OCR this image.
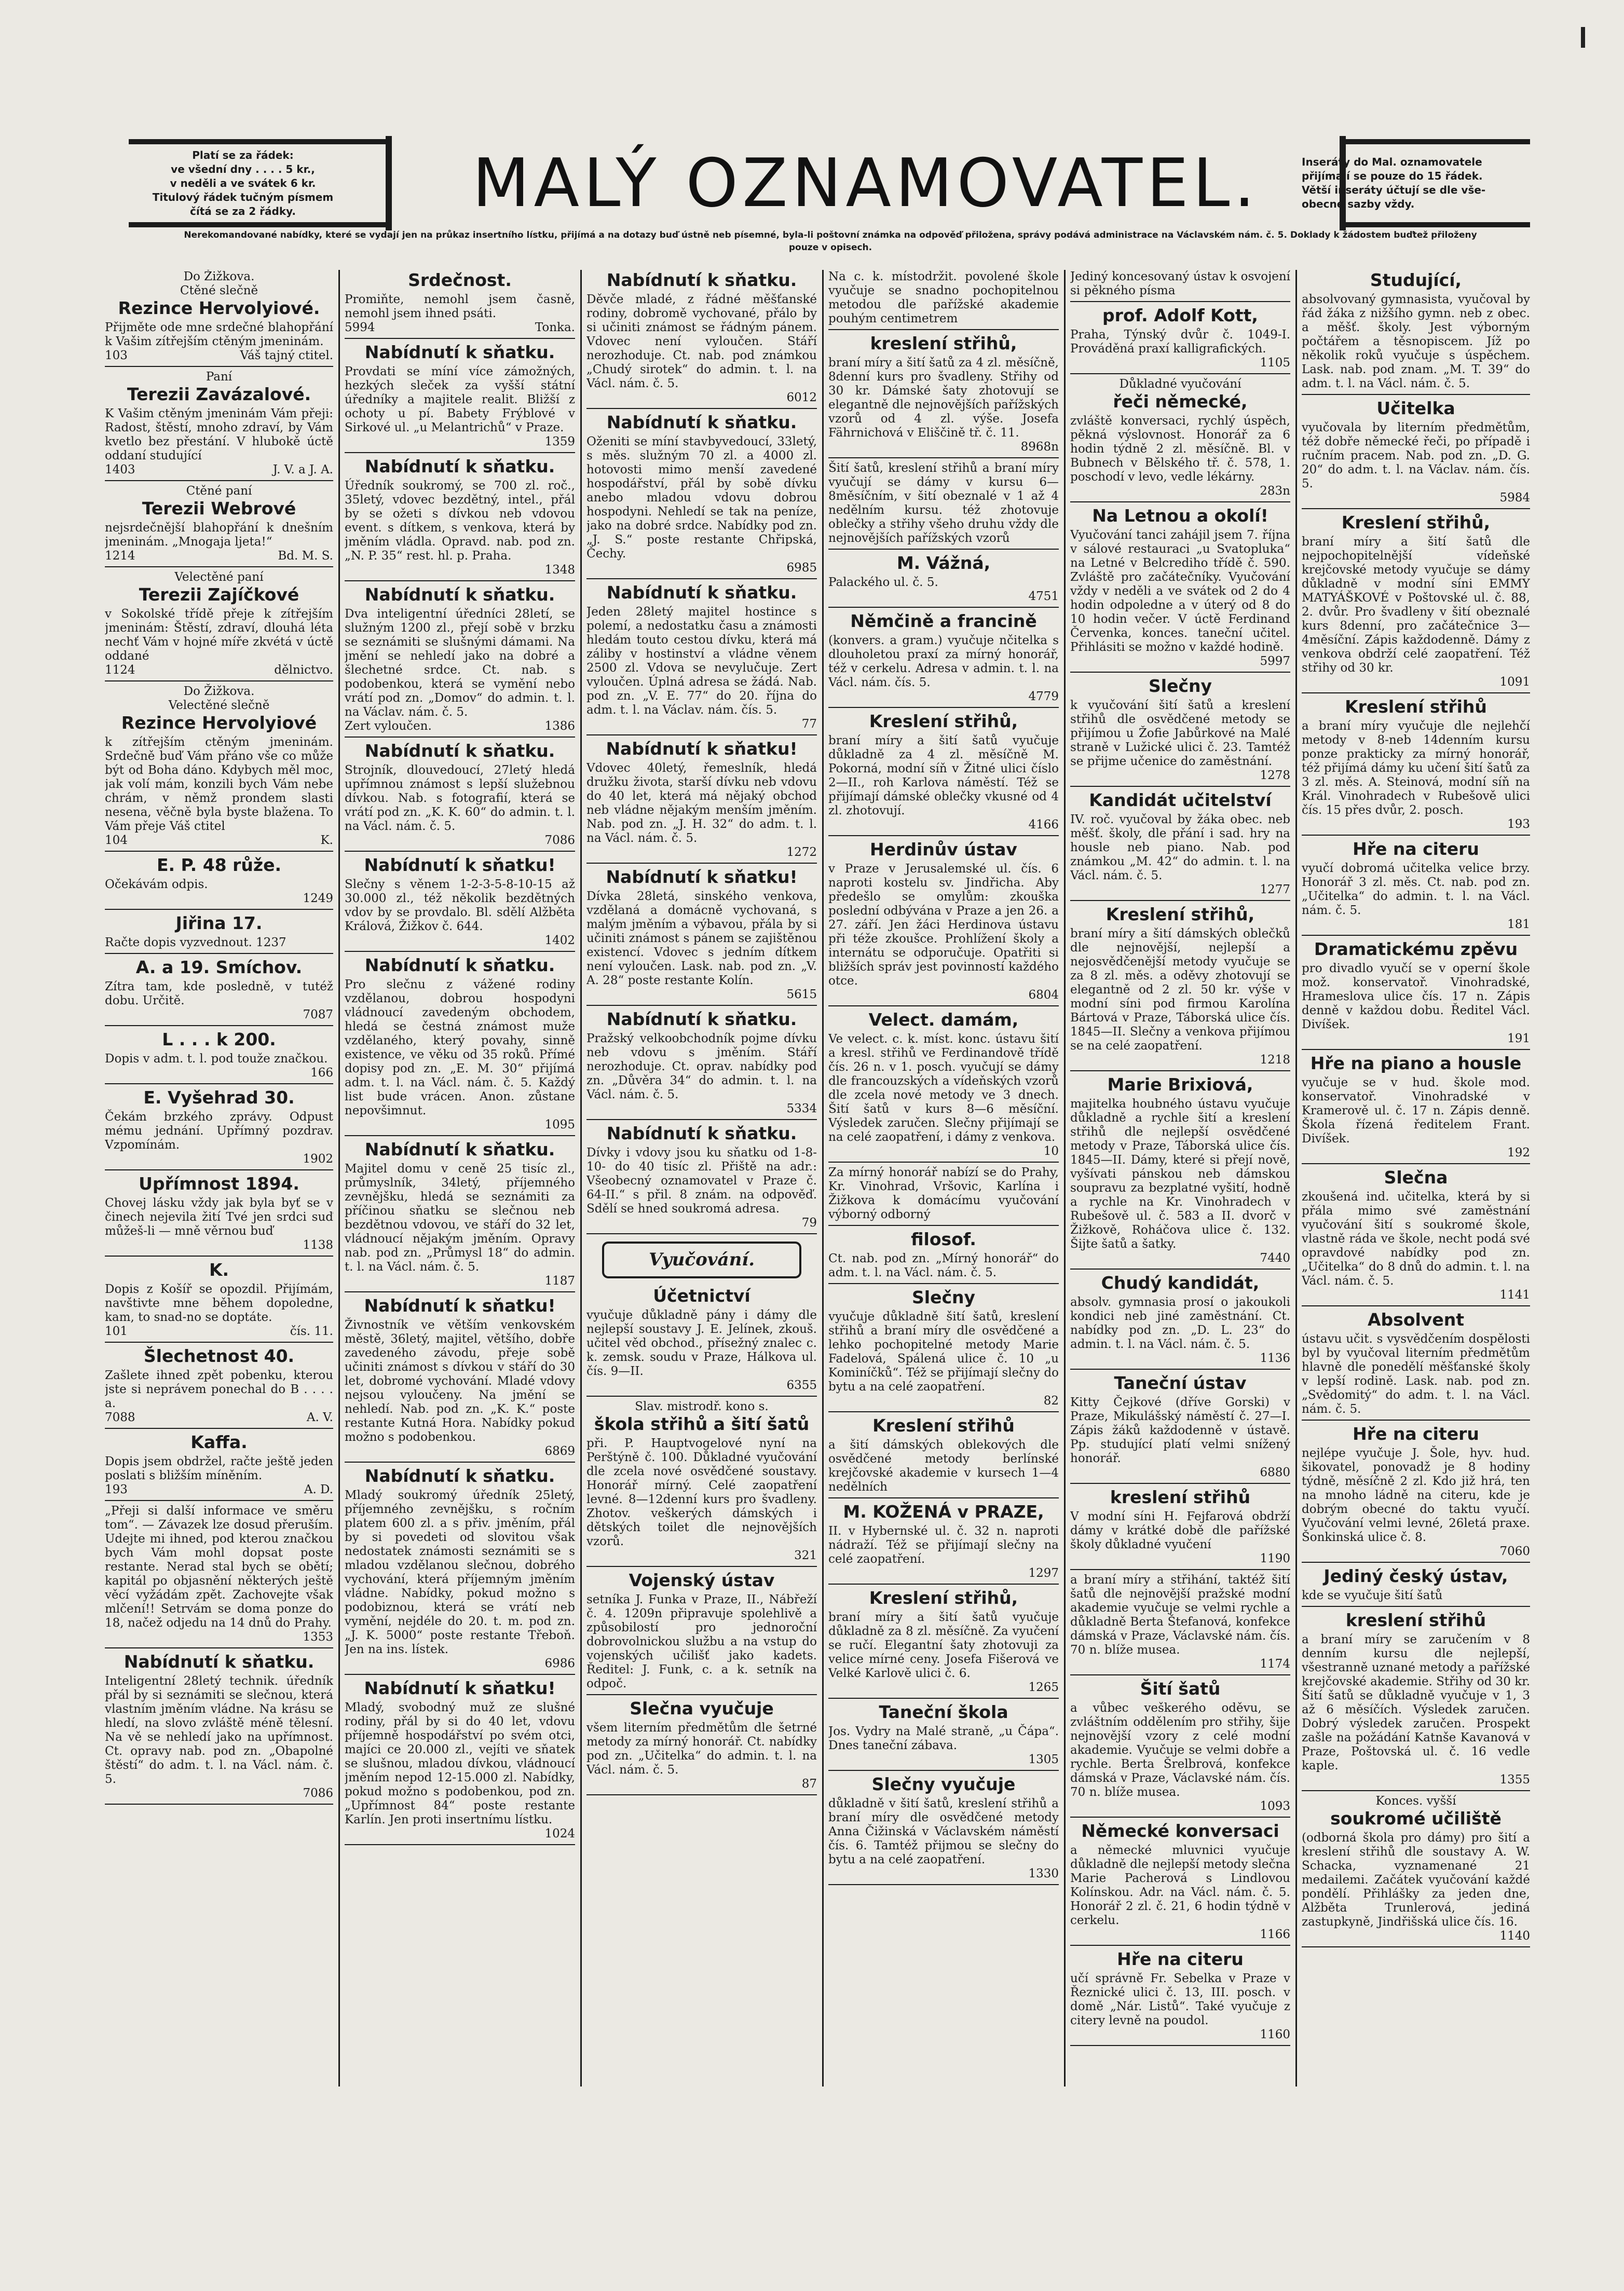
Platí se za řádek:
ve všední dny . . . . 5 kr.,
v neděli a ve svátek 6 kr.
Titulový řádek tučným písmem
čítá se za 2 řádky.	MALÝ OZNAMOVATEL.	Inseráty do Mal. oznamovatele
přijímají se pouze do 15 řádek.
Větší inseráty účtují se dle vše-
obecné sazby vždy.
Nerekomandované nabídky, které se vydají jen na průkaz insertního lístku, přijímá a na dotazy buď ústně neb písemné, byla-li poštovní známka na odpověď přiložena, správy podává administrace na Václavském nám. č. 5. Doklady k žádostem buďtež přiloženy pouze v opisech.

Do Žižkova.

Ctěné slečně

Rezince Hervolyiové.

Přijměte ode mne srdečné blahopřání k Vašim zítřejším ctěným jmeninám.

103	Váš tajný ctitel.

Paní

Terezii Zavázalové.

K Vašim ctěným jmeninám Vám přeji: Radost, štěstí, mnoho zdraví, by Vám kvetlo bez přestání. V hlubokě úctě oddaní studující

1403	J. V. a J. A.

Ctěné paní

Terezii Webrové

nejsrdečnější blahopřání k dnešním jmeninám. „Mnogaja ljeta!“

1214	Bd. M. S.

Velectěné paní

Terezii Zajíčkové

v Sokolské třídě přeje k zítřejším jmeninám: Štěstí, zdraví, dlouhá léta nechť Vám v hojné míře zkvétá v úctě oddané

1124	dělnictvo.

Do Žižkova.

Velectěné slečně

Rezince Hervolyiové

k zítřejším ctěným jmeninám. Srdečně buď Vám přáno vše co může být od Boha dáno. Kdybych měl moc, jak volí mám, konzili bych Vám nebe chrám, v němž prondem slasti nesena, věčně byla byste blažena. To Vám přeje Váš ctitel

104	K.
E. P. 48 růže.

Očekávám odpis.

1249
Jiřina 17.

Račte dopis vyzvednout. 1237

A. a 19. Smíchov.

Zítra tam, kde posledně, v tutéž dobu. Určitě.

7087
L . . . k 200.

Dopis v adm. t. l. pod touže značkou.

166
E. Vyšehrad 30.

Čekám brzkého zprávy. Odpust mému jednání. Upřímný pozdrav. Vzpomínám.

1902
Upřímnost 1894.

Chovej lásku vždy jak byla byť se v činech nejevila žití Tvé jen srdci suď můžeš-li — mně věrnou buď

1138
K.

Dopis z Košíř se opozdil. Přijímám, navštivte mne během dopoledne, kam, to snad-no se doptáte.

101	čís. 11.
Šlechetnost 40.

Zašlete ihned zpět pobenku, kterou jste si neprávem ponechal do B . . . . a.

7088	A. V.
Kaffa.

Dopis jsem obdržel, račte ještě jeden poslati s bližším míněním.

193	A. D.

„Přeji si další informace ve směru tom“. — Závazek lze dosud přeruším. Udejte mi ihned, pod kterou značkou bych Vám mohl dopsat poste restante. Nerad stal bych se obětí; kapitál po objasnění některých ještě věcí vyžádám zpět. Zachovejte však mlčení!! Setrvám se doma ponze do 18, načež odjedu na 14 dnů do Prahy.

1353
Nabídnutí k sňatku.

Inteligentní 28letý technik. úředník přál by si seznámiti se slečnou, která vlastním jměním vládne. Na krásu se hledí, na slovo zvláště méně tělesní. Na vě se nehledí jako na upřímnost. Ct. opravy nab. pod zn. „Obapolné štěstí“ do adm. t. l. na Václ. nám. č. 5.

7086
Srdečnost.

Promiňte, nemohl jsem časně, nemohl jsem ihned psáti.

5994	Tonka.
Nabídnutí k sňatku.

Provdati se míní více zámožných, hezkých sleček za vyšší státní úředníky a majitele realit. Bližší z ochoty u pí. Babety Frýblové v Sirkové ul. „u Melantrichů“ v Praze.

1359
Nabídnutí k sňatku.

Úředník soukromý, se 700 zl. roč., 35letý, vdovec bezdětný, intel., přál by se ožeti s dívkou neb vdovou event. s dítkem, s venkova, která by jměním vládla. Opravd. nab. pod zn. „N. P. 35“ rest. hl. p. Praha.

1348
Nabídnutí k sňatku.

Dva inteligentní úředníci 28letí, se služným 1200 zl., přejí sobě v brzku se seznámiti se slušnými dámami. Na jmění se nehledí jako na dobré a šlechetné srdce. Ct. nab. s podobenkou, která se vymění nebo vrátí pod zn. „Domov“ do admin. t. l. na Václav. nám. č. 5.

Zert vyloučen.	1386
Nabídnutí k sňatku.

Strojník, dlouvedoucí, 27letý hledá upřímnou známost s lepší služebnou dívkou. Nab. s fotografií, která se vrátí pod zn. „K. K. 60“ do admin. t. l. na Václ. nám. č. 5.

7086
Nabídnutí k sňatku!

Slečny s věnem 1-2-3-5-8-10-15 až 30.000 zl., též několik bezdětných vdov by se provdalo. Bl. sdělí Alžběta Králová, Žižkov č. 644.

1402
Nabídnutí k sňatku.

Pro slečnu z vážené rodiny vzdělanou, dobrou hospodyni vládnoucí zavedeným obchodem, hledá se čestná známost muže vzdělaného, který povahy, sinně existence, ve věku od 35 roků. Přímé dopisy pod zn. „E. M. 30“ přijímá adm. t. l. na Václ. nám. č. 5. Každý list bude vrácen. Anon. zůstane nepovšimnut.

1095
Nabídnutí k sňatku.

Majitel domu v ceně 25 tisíc zl., průmyslník, 34letý, příjemného zevnějšku, hledá se seznámiti za příčinou sňatku se slečnou neb bezdětnou vdovou, ve stáří do 32 let, vládnoucí nějakým jměním. Opravy nab. pod zn. „Průmysl 18“ do admin. t. l. na Václ. nám. č. 5.

1187
Nabídnutí k sňatku!

Živnostník ve větším venkovském městě, 36letý, majitel, většího, dobře zavedeného závodu, přeje sobě učiniti známost s dívkou v stáří do 30 let, dobromé vychování. Mladé vdovy nejsou vyloučeny. Na jmění se nehledí. Nab. pod zn. „K. K.“ poste restante Kutná Hora. Nabídky pokud možno s podobenkou.

6869
Nabídnutí k sňatku.

Mladý soukromý úředník 25letý, příjemného zevnějšku, s ročním platem 600 zl. a s přiv. jměním, přál by si povedeti od slovitou však nedostatek známosti seznámiti se s mladou vzdělanou slečnou, dobrého vychování, která příjemným jměním vládne. Nabídky, pokud možno s podobiznou, která se vrátí neb vymění, nejdéle do 20. t. m. pod zn. „J. K. 5000“ poste restante Třeboň. Jen na ins. lístek.

6986
Nabídnutí k sňatku!

Mladý, svobodný muž ze slušné rodiny, přál by si do 40 let, vdovu příjemně hospodářství po svém otci, majíci ce 20.000 zl., vejíti ve sňatek se slušnou, mladou dívkou, vládnoucí jměním nepod 12-15.000 zl. Nabídky, pokud možno s podobenkou, pod zn. „Upřímnost 84“ poste restante Karlín. Jen proti insertnímu lístku.

1024
Nabídnutí k sňatku.

Děvče mladé, z řádné měšťanské rodiny, dobromě vychované, přálo by si učiniti známost se řádným pánem. Vdovec není vyloučen. Stáří nerozhoduje. Ct. nab. pod známkou „Chudý sirotek“ do admin. t. l. na Václ. nám. č. 5.

6012
Nabídnutí k sňatku.

Oženiti se míní stavbyvedoucí, 33letý, s měs. služným 70 zl. a 4000 zl. hotovosti mimo menší zavedené hospodářství, přál by sobě dívku anebo mladou vdovu dobrou hospodyni. Nehledí se tak na peníze, jako na dobré srdce. Nabídky pod zn. „J. S.“ poste restante Chřipská, Čechy.

6985
Nabídnutí k sňatku.

Jeden 28letý majitel hostince s polemí, a nedostatku času a známosti hledám touto cestou dívku, která má záliby v hostinství a vládne věnem 2500 zl. Vdova se nevylučuje. Zert vyloučen. Úplná adresa se žádá. Nab. pod zn. „V. E. 77“ do 20. října do adm. t. l. na Václav. nám. čís. 5.

77
Nabídnutí k sňatku!

Vdovec 40letý, řemeslník, hledá družku života, starší dívku neb vdovu do 40 let, která má nějaký obchod neb vládne nějakým menším jměním. Nab. pod zn. „J. H. 32“ do adm. t. l. na Václ. nám. č. 5.

1272
Nabídnutí k sňatku!

Dívka 28letá, sinského venkova, vzdělaná a domácně vychovaná, s malým jměním a výbavou, přála by si učiniti známost s pánem se zajištěnou existencí. Vdovec s jedním dítkem není vyloučen. Lask. nab. pod zn. „V. A. 28“ poste restante Kolín.

5615
Nabídnutí k sňatku.

Pražský velkoobchodník pojme dívku neb vdovu s jměním. Stáří nerozhoduje. Ct. oprav. nabídky pod zn. „Důvěra 34“ do admin. t. l. na Václ. nám. č. 5.

5334
Nabídnutí k sňatku.

Dívky i vdovy jsou ku sňatku od 1-8-10- do 40 tisíc zl. Přiště na adr.: Všeobecný oznamovatel v Praze č. 64-II.“ s přil. 8 znám. na odpověď. Sdělí se hned soukromá adresa.

79
Vyučování.
Účetnictví

vyučuje důkladně pány i dámy dle nejlepší soustavy J. E. Jelínek, zkouš. učitel věd obchod., přísežný znalec c. k. zemsk. soudu v Praze, Hálkova ul. čís. 9—II.

6355

Slav. mistrodř. kono s.

škola střihů a šití šatů

při. P. Hauptvogelové nyní na Perštýně č. 100. Důkladné vyučování dle zcela nové osvědčené soustavy. Honorář mírný. Celé zaopatření levné. 8—12denní kurs pro švadleny. Zhotov. veškerých dámských i dětských toilet dle nejnovějších vzorů.

321
Vojenský ústav

setníka J. Funka v Praze, II., Nábřeží č. 4. 1209n připravuje spolehlivě a způsobilostí pro jednoroční dobrovolnickou službu a na vstup do vojenských učilišť jako kadets. Ředitel: J. Funk, c. a k. setník na odpoč.

Slečna vyučuje

všem literním předmětům dle šetrné metody za mírný honorář. Ct. nabídky pod zn. „Učitelka“ do admin. t. l. na Václ. nám. č. 5.

87

Na c. k. místodržit. povolené škole vyučuje se snadno pochopitelnou metodou dle pařížské akademie pouhým centimetrem

kreslení střihů,

braní míry a šití šatů za 4 zl. měsíčně, 8denní kurs pro švadleny. Střihy od 30 kr. Dámské šaty zhotovují se elegantně dle nejnovějších pařížských vzorů od 4 zl. výše. Josefa Fährnichová v Eliščině tř. č. 11.

8968n

Šití šatů, kreslení střihů a braní míry vyučují se dámy v kursu 6—8měsíčním, v šití obeznalé v 1 až 4 nedělním kursu. též zhotovuje oblečky a střihy všeho druhu vždy dle nejnovějších pařížských vzorů

M. Vážná,

Palackého ul. č. 5.

4751
Němčině a francině

(konvers. a gram.) vyučuje nčitelka s dlouholetou praxí za mírný honorář, též v cerkelu. Adresa v admin. t. l. na Václ. nám. čís. 5.

4779
Kreslení střihů,

braní míry a šití šatů vyučuje důkladně za 4 zl. měsíčně M. Pokorná, modní síň v Žitné ulici číslo 2—II., roh Karlova náměstí. Též se přijímají dámské oblečky vkusné od 4 zl. zhotovují.

4166
Herdinův ústav

v Praze v Jerusalemské ul. čís. 6 naproti kostelu sv. Jindřicha. Aby předešlo se omylům: zkouška poslední odbývána v Praze a jen 26. a 27. září. Jen žáci Herdinova ústavu při téže zkoušce. Prohlížení školy a internátu se odporučuje. Opatřiti si bližších správ jest povinností každého otce.

6804
Velect. damám,

Ve velect. c. k. míst. konc. ústavu šití a kresl. střihů ve Ferdinandově třídě čís. 26 n. v 1. posch. vyučují se dámy dle francouzských a vídeňských vzorů dle zcela nové metody ve 3 dnech. Šití šatů v kurs 8—6 měsíční. Výsledek zaručen. Slečny přijímají se na celé zaopatření, i dámy z venkova.

10

Za mírný honorář nabízí se do Prahy, Kr. Vinohrad, Vršovic, Karlína i Žižkova k domácímu vyučování výborný odborný

filosof.

Ct. nab. pod zn. „Mírný honorář“ do adm. t. l. na Václ. nám. č. 5.

Slečny

vyučuje důkladně šití šatů, kreslení střihů a braní míry dle osvědčené a lehko pochopitelné metody Marie Fadelová, Spálená ulice č. 10 „u Kominíčků“. Též se přijímají slečny do bytu a na celé zaopatření.

82
Kreslení střihů

a šití dámských oblekových dle osvědčené metody berlínské krejčovské akademie v kursech 1—4 nedělních

M. KOŽENÁ v PRAZE,

II. v Hybernské ul. č. 32 n. naproti nádraží. Též se přijímají slečny na celé zaopatření.

1297
Kreslení střihů,

braní míry a šití šatů vyučuje důkladně za 8 zl. měsíčně. Za vyučení se ručí. Elegantní šaty zhotovuji za velice mírné ceny. Josefa Fišerová ve Velké Karlově ulici č. 6.

1265
Taneční škola

Jos. Vydry na Malé straně, „u Čápa“. Dnes taneční zábava.

1305
Slečny vyučuje

důkladně v šití šatů, kreslení střihů a braní míry dle osvědčené metody Anna Čižinská v Václavském náměstí čís. 6. Tamtéž přijmou se slečny do bytu a na celé zaopatření.

1330

Jediný koncesovaný ústav k osvojení si pěkného písma

prof. Adolf Kott,

Praha, Týnský dvůr č. 1049-I. Prováděná praxí kalligrafických.

1105

Důkladné vyučování

řeči německé,

zvláště konversaci, rychlý úspěch, pěkná výslovnost. Honorář za 6 hodin týdně 2 zl. měsíčně. Bl. v Bubnech v Bělského tř. č. 578, 1. poschodí v levo, vedle lékárny.

283n
Na Letnou a okolí!

Vyučování tanci zahájil jsem 7. října v sálové restauraci „u Svatopluka“ na Letné v Belcrediho třídě č. 590. Zvláště pro začátečníky. Vyučování vždy v neděli a ve svátek od 2 do 4 hodin odpoledne a v úterý od 8 do 10 hodin večer. V úctě Ferdinand Červenka, konces. taneční učitel. Přihlásiti se možno v každé hodině.

5997
Slečny

k vyučování šití šatů a kreslení střihů dle osvědčené metody se přijímou u Žofie Jabůrkové na Malé straně v Lužické ulici č. 23. Tamtéž se přijme učenice do zaměstnání.

1278
Kandidát učitelství

IV. roč. vyučoval by žáka obec. neb měšť. školy, dle přání i sad. hry na housle neb piano. Nab. pod známkou „M. 42“ do admin. t. l. na Václ. nám. č. 5.

1277
Kreslení střihů,

braní míry a šití dámských oblečků dle nejnovější, nejlepší a nejosvědčenější metody vyučuje se za 8 zl. měs. a oděvy zhotovují se elegantně od 2 zl. 50 kr. výše v modní síni pod firmou Karolína Bártová v Praze, Táborská ulice čís. 1845—II. Slečny a venkova přijímou se na celé zaopatření.

1218
Marie Brixiová,

majitelka houbného ústavu vyučuje důkladně a rychle šití a kreslení střihů dle nejlepší osvědčené metody v Praze, Táborská ulice čís. 1845—II. Dámy, které si přejí nově, vyšívati pánskou neb dámskou soupravu za bezplatné vyšití, hodně a rychle na Kr. Vinohradech v Rubešově ul. č. 583 a II. dvorč v Žižkově, Roháčova ulice č. 132. Šijte šatů a šatky.

7440
Chudý kandidát,

absolv. gymnasia prosí o jakoukoli kondici neb jiné zaměstnání. Ct. nabídky pod zn. „D. L. 23“ do admin. t. l. na Václ. nám. č. 5.

1136
Taneční ústav

Kitty Čejkové (dříve Gorski) v Praze, Mikulášský náměstí č. 27—I. Zápis žáků každodenně v ústavě. Pp. studující platí velmi snížený honorář.

6880
kreslení střihů

V modní síni H. Fejfarová obdrží dámy v krátké době dle pařížské školy důkladné vyučení

1190

a braní míry a střihání, taktéž šití šatů dle nejnovější pražské modní akademie vyučuje se velmi rychle a důkladně Berta Štefanová, konfekce dámská v Praze, Václavské nám. čís. 70 n. blíže musea.

1174
Šití šatů

a vůbec veškerého oděvu, se zvláštním oddělením pro střihy, šije nejnovější vzory z celé modní akademie. Vyučuje se velmi dobře a rychle. Berta Šrelbrová, konfekce dámská v Praze, Václavské nám. čís. 70 n. blíže musea.

1093
Německé konversaci

a německé mluvnici vyučuje důkladně dle nejlepší metody slečna Marie Pacherová s Lindlovou Kolínskou. Adr. na Václ. nám. č. 5. Honorář 2 zl. č. 21, 6 hodin týdně v cerkelu.

1166
Hře na citeru

učí správně Fr. Sebelka v Praze v Řeznické ulici č. 13, III. posch. v domě „Nár. Listů“. Také vyučuje z citery levně na poudol.

1160
Studující,

absolvovaný gymnasista, vyučoval by řád žáka z nižšího gymn. neb z obec. a měšť. školy. Jest výborným počtářem a těsnopiscem. Jíž po několik roků vyučuje s úspěchem. Lask. nab. pod znam. „M. T. 39“ do adm. t. l. na Václ. nám. č. 5.

Učitelka

vyučovala by literním předmětům, též dobře německé řeči, po případě i ručním pracem. Nab. pod zn. „D. G. 20“ do adm. t. l. na Václav. nám. čís. 5.

5984
Kreslení střihů,

braní míry a šití šatů dle nejpochopitelnější vídeňské krejčovské metody vyučuje se dámy důkladně v modní síni EMMY MATYÁŠKOVÉ v Poštovské ul. č. 88, 2. dvůr. Pro švadleny v šití obeznalé kurs 8denní, pro začátečnice 3—4měsíční. Zápis každodenně. Dámy z venkova obdrží celé zaopatření. Též střihy od 30 kr.

1091
Kreslení střihů

a braní míry vyučuje dle nejlehčí metody v 8-neb 14denním kursu ponze prakticky za mírný honorář, též přijímá dámy ku učení šití šatů za 3 zl. měs. A. Steinová, modní síň na Král. Vinohradech v Rubešově ulici čís. 15 přes dvůr, 2. posch.

193
Hře na citeru

vyučí dobromá učitelka velice brzy. Honorář 3 zl. měs. Ct. nab. pod zn. „Učitelka“ do admin. t. l. na Václ. nám. č. 5.

181
Dramatickému zpěvu

pro divadlo vyučí se v operní škole mož. konservatoř. Vinohradské, Hrameslova ulice čís. 17 n. Zápis denně v každou dobu. Ředitel Václ. Divíšek.

191
Hře na piano a housle

vyučuje se v hud. škole mod. konservatoř. Vinohradské v Kramerově ul. č. 17 n. Zápis denně. Škola řízená ředitelem Frant. Divíšek.

192
Slečna

zkoušená ind. učitelka, která by si přála mimo své zaměstnání vyučování šití s soukromé škole, vlastně ráda ve škole, necht podá své opravdové nabídky pod zn. „Učitelka“ do 8 dnů do admin. t. l. na Václ. nám. č. 5.

1141
Absolvent

ústavu učit. s vysvědčením dospělosti byl by vyučoval literním předmětům hlavně dle ponedělí měšťanské školy v lepší rodině. Lask. nab. pod zn. „Svědomitý“ do adm. t. l. na Václ. nám. č. 5.

Hře na citeru

nejlépe vyučuje J. Šole, hyv. hud. šikovatel, ponovadž je 8 hodiny týdně, měsíčně 2 zl. Kdo již hrá, ten na mnoho ládně na citeru, kde je dobrým obecné do taktu vyučí. Vyučování velmi levné, 26letá praxe. Šonkinská ulice č. 8.

7060
Jediný český ústav,

kde se vyučuje šití šatů

kreslení střihů

a braní míry se zaručením v 8 denním kursu dle nejlepší, všestranně uznané metody a pařížské krejčovské akademie. Střihy od 30 kr. Šití šatů se důkladně vyučuje v 1, 3 až 6 měsíčích. Výsledek zaručen. Dobrý výsledek zaručen. Prospekt zašle na požádání Katnše Kavanová v Praze, Poštovská ul. č. 16 vedle kaple.

1355

Konces. vyšší

soukromé učiliště

(odborná škola pro dámy) pro šití a kreslení střihů dle soustavy A. W. Schacka, vyznamenané 21 medailemi. Začátek vyučování každé pondělí. Přihlášky za jeden dne, Alžběta Trunlerová, jediná zastupkyně, Jindřišská ulice čís. 16.

1140
